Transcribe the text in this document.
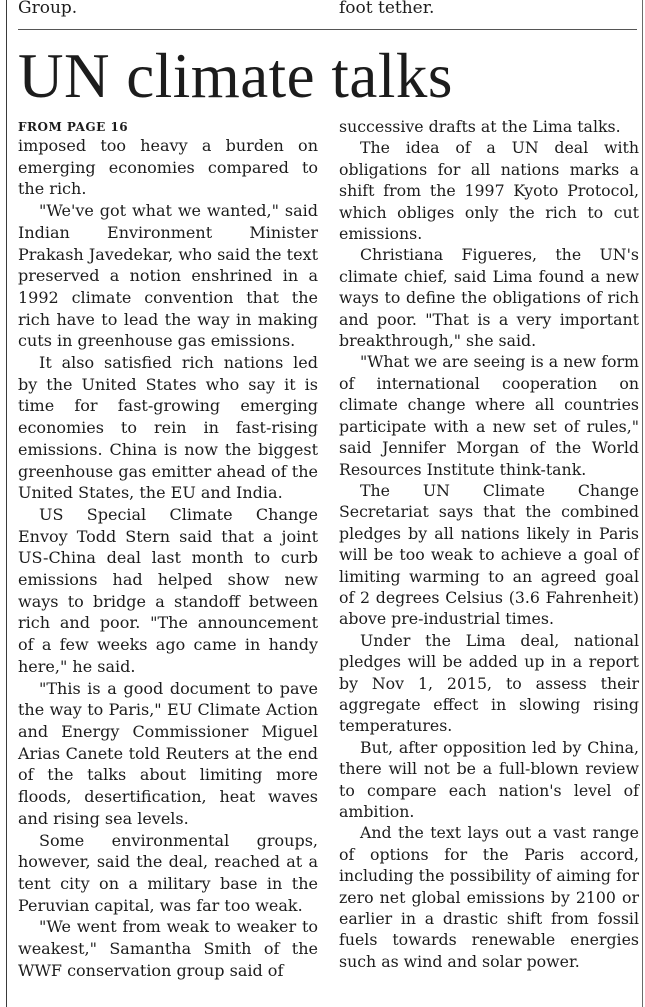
Group.	foot tether.
UN climate talks
FROM PAGE 16

imposed too heavy a burden on emerging economies compared to the rich.

"We've got what we wanted," said Indian Environment Minister Prakash Javedekar, who said the text preserved a notion enshrined in a 1992 climate convention that the rich have to lead the way in making cuts in greenhouse gas emissions.

It also satisfied rich nations led by the United States who say it is time for fast-growing emerging economies to rein in fast-rising emissions. China is now the biggest greenhouse gas emitter ahead of the United States, the EU and India.

US Special Climate Change Envoy Todd Stern said that a joint US-China deal last month to curb emissions had helped show new ways to bridge a standoff between rich and poor. "The announcement of a few weeks ago came in handy here," he said.

"This is a good document to pave the way to Paris," EU Climate Action and Energy Commissioner Miguel Arias Canete told Reuters at the end of the talks about limiting more floods, desertification, heat waves and rising sea levels.

Some environmental groups, however, said the deal, reached at a tent city on a military base in the Peruvian capital, was far too weak.

"We went from weak to weaker to weakest," Samantha Smith of the WWF conservation group said of

successive drafts at the Lima talks.

The idea of a UN deal with obligations for all nations marks a shift from the 1997 Kyoto Protocol, which obliges only the rich to cut emissions.

Christiana Figueres, the UN's climate chief, said Lima found a new ways to define the obligations of rich and poor. "That is a very important breakthrough," she said.

"What we are seeing is a new form of international cooperation on climate change where all countries participate with a new set of rules," said Jennifer Morgan of the World Resources Institute think-tank.

The UN Climate Change Secretariat says that the combined pledges by all nations likely in Paris will be too weak to achieve a goal of limiting warming to an agreed goal of 2 degrees Celsius (3.6 Fahrenheit) above pre-industrial times.

Under the Lima deal, national pledges will be added up in a report by Nov 1, 2015, to assess their aggregate effect in slowing rising temperatures.

But, after opposition led by China, there will not be a full-blown review to compare each nation's level of ambition.

And the text lays out a vast range of options for the Paris accord, including the possibility of aiming for zero net global emissions by 2100 or earlier in a drastic shift from fossil fuels towards renewable energies such as wind and solar power.
